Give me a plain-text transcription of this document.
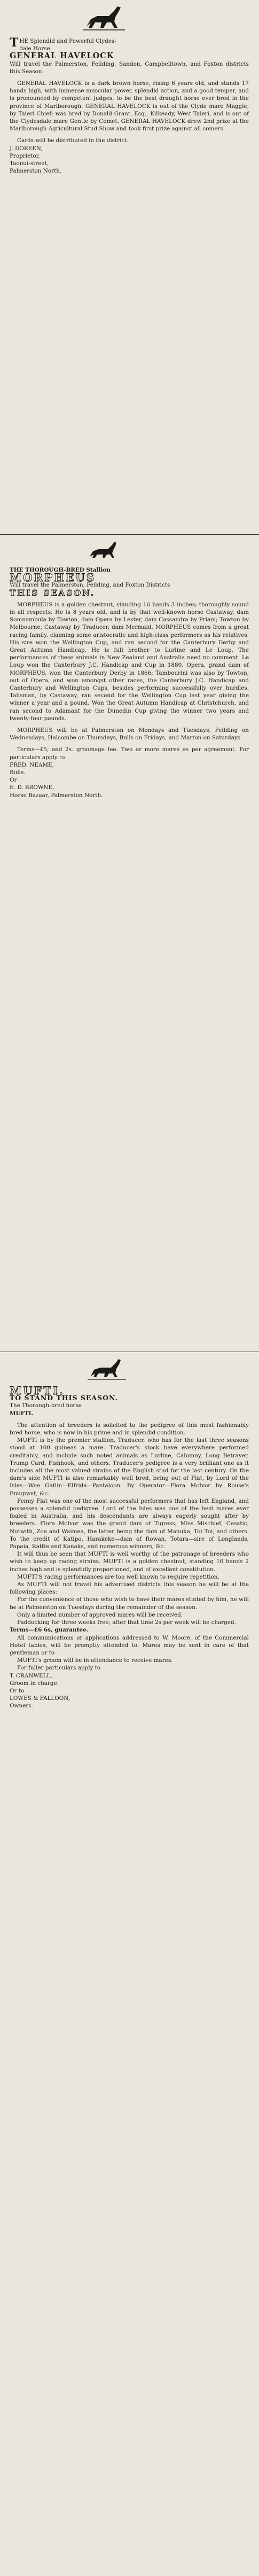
T HE Splendid and Powerful Clydes-

dale Horse

GENERAL HAVELOCK

Will travel the Palmerston, Feilding, Sandon, Campbelltown, and Foxton districts this Season.

GENERAL HAVELOCK is a dark brown horse, rising 6 years old, and stands 17 hands high, with immense muscular power, splendid action, and a good temper, and is pronounced by competent judges, to be the best draught horse ever bred in the province of Marlborough. GENERAL HAVELOCK is out of the Clyde mare Maggie, by Taieri Chief; was bred by Donald Grant, Esq., Kilkeady, West Taieri, and is out of the Clydesdale mare Gentle by Comet. GENERAL HAVELOCK drew 2nd prize at the Marlborough Agricultural Stud Show and took first prize against all comers.

Cards will be distributed in the district.

J. DOREEN,

Proprietor,

Taonui-street,

Palmerston North.

THE THOROUGH-BRED Stallion

MORPHEUS

Will travel the Palmerston, Feilding, and Foxton Districts

THIS SEASON.

MORPHEUS is a golden chestnut, standing 16 hands 3 inches; thoroughly sound in all respects. He is 8 years old, and is by that well-known horse Castaway, dam Somnambula by Towton, dam Opera by Lester, dam Cassandra by Priam; Towton by Melbourne; Castaway by Traducer, dam Mermaid. MORPHEUS comes from a great racing family, claiming some aristocratic and high-class performers as his relatives. His sire won the Wellington Cup, and ran second for the Canterbury Derby and Great Autumn Handicap. He is full brother to Lurline and Le Loup. The performances of these animals in New Zealand and Australia need no comment. Le Loup won the Canterbury J.C. Handicap and Cup in 1880. Opera, grand dam of MORPHEUS, won the Canterbury Derby in 1866; Tambourini was also by Towton, out of Opera, and won amongst other races, the Canterbury J.C. Handicap and Canterbury and Wellington Cups, besides performing successfully over hurdles. Talisman, by Castaway, ran second for the Wellington Cup last year giving the winner a year and a pound. Won the Great Autumn Handicap at Christchurch, and ran second to Adamant for the Dunedin Cup giving the winner two years and twenty-four pounds.

MORPHEUS will be at Palmerston on Mondays and Tuesdays, Feilding on Wednesdays, Halcombe on Thursdays, Bulls on Fridays, and Marton on Saturdays.

Terms—£5, and 2s. groomage fee. Two or more mares as per agreement. For particulars apply to

FRED. NEAME,

Bulls.

Or

E. D. BROWNE,

Horse Bazaar, Palmerston North.

MUFTI.

TO STAND THIS SEASON.

The Thorough-bred horse

MUFTI.

The attention of breeders is solicited to the pedigree of this most fashionably bred horse, who is now in his prime and in splendid condition.

MUFTI is by the premier stallion, Traducer, who has for the last three seasons stood at 100 guineas a mare. Traducer's stock have everywhere performed creditably, and include such noted animals as Lurline, Calumny, Long Betrayer, Trump Card, Fishhook, and others. Traducer's pedigree is a very brilliant one as it includes all the most valued strains of the English stud for the last century. On the dam's side MUFTI is also remarkably well bred, being out of Flat, by Lord of the Isles—Wee Gatlin—Elfrida—Pantaloon. By Operator—Flora McIvor by Rouse's Emigrant, &c.

Fenny Flat was one of the most successful performers that has left England, and possesses a splendid pedigree. Lord of the Isles was one of the best mares ever foaled in Australia, and his descendants are always eagerly sought after by breeders. Flora McIvor was the grand dam of Tigress, Miss Mischief, Cesatic, Nutwith, Zoe and Waimea, the latter being the dam of Manuka, Toi Toi, and others. To the credit of Katipo, Harakeke—dam of Rowan, Totara—sire of Longlands, Papaia, Rattle and Kanaka, and numerous winners, &c.

It will thus be seen that MUFTI is well worthy of the patronage of breeders who wish to keep up racing strains. MUFTI is a golden chestnut, standing 16 hands 2 inches high and is splendidly proportioned, and of excellent constitution.

MUFTI'S racing performances are too well known to require repetition.

As MUFTI will not travel his advertised districts this season he will be at the following places:

For the convenience of those who wish to have their mares stinted by him, he will be at Palmerston on Tuesdays during the remainder of the season.

Only a limited number of approved mares will be received.

Paddocking for three weeks free; after that time 2s per week will be charged.

Terms—£6 6s, guarantee.

All communications or applications addressed to W. Moore, of the Commercial Hotel tables, will be promptly attended to. Mares may be sent in care of that gentleman or to

MUFTI's groom will be in attendance to receive mares.

For fuller particulars apply to

T. CRANWELL,

Groom in charge.

Or to

LOWES & FALLOON,

Owners.
